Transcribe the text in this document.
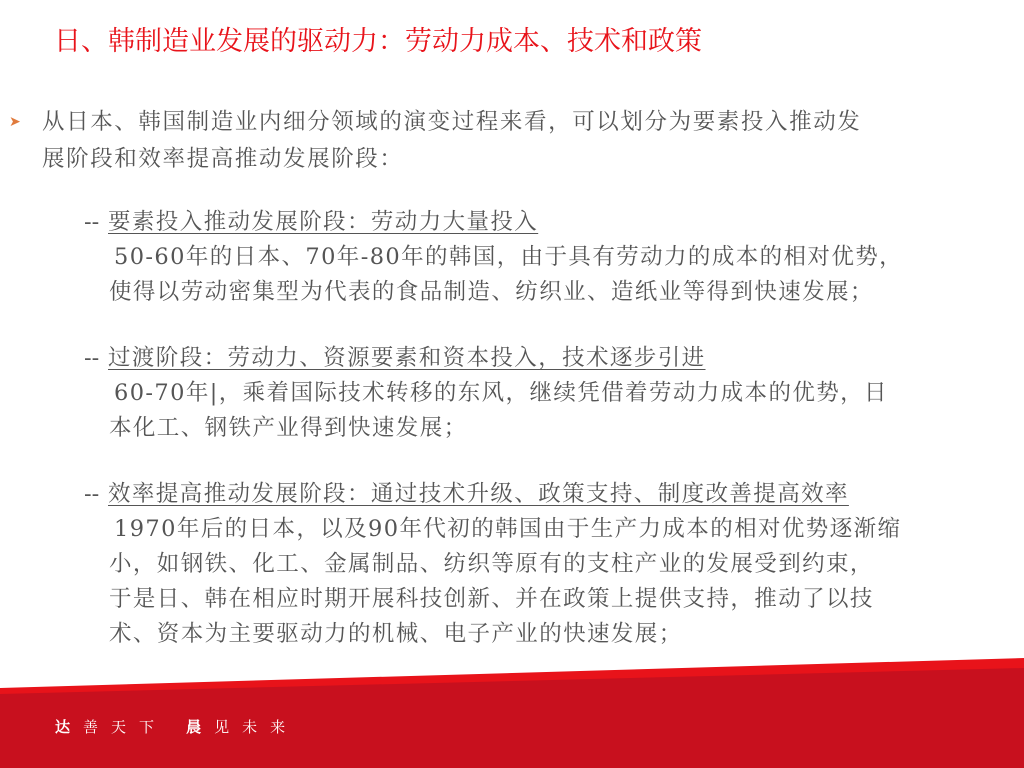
日、韩制造业发展的驱动力：劳动力成本、技术和政策
➤ 从日本、韩国制造业内细分领域的演变过程来看，可以划分为要素投入推动发
展阶段和效率提高推动发展阶段：
-- 要素投入推动发展阶段：劳动力大量投入
50-60年的日本、70年-80年的韩国，由于具有劳动力的成本的相对优势，
使得以劳动密集型为代表的食品制造、纺织业、造纸业等得到快速发展；
-- 过渡阶段：劳动力、资源要素和资本投入，技术逐步引进
60-70年|，乘着国际技术转移的东风，继续凭借着劳动力成本的优势，日
本化工、钢铁产业得到快速发展；
-- 效率提高推动发展阶段：通过技术升级、政策支持、制度改善提高效率
1970年后的日本，以及90年代初的韩国由于生产力成本的相对优势逐渐缩
小，如钢铁、化工、金属制品、纺织等原有的支柱产业的发展受到约束，
于是日、韩在相应时期开展科技创新、并在政策上提供支持，推动了以技
术、资本为主要驱动力的机械、电子产业的快速发展；
达 善 天 下 晨 见 未 来
